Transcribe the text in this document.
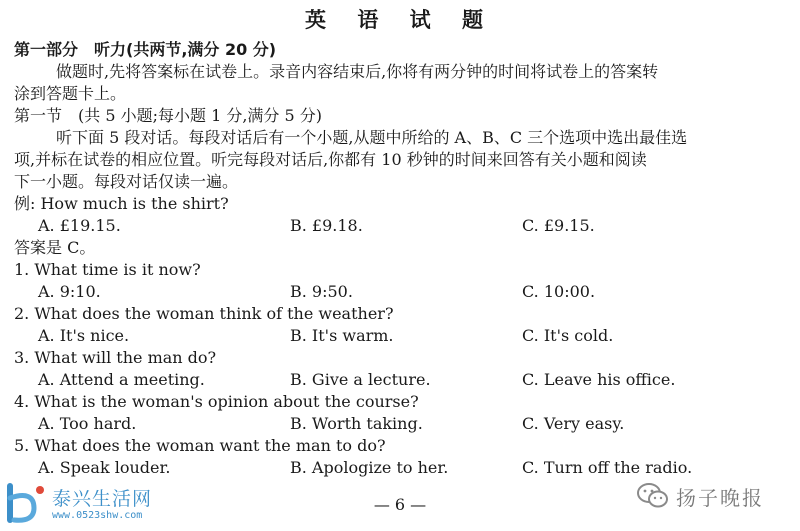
英 语 试 题
第一部分　听力(共两节,满分 20 分)
做题时,先将答案标在试卷上。录音内容结束后,你将有两分钟的时间将试卷上的答案转
涂到答题卡上。
第一节　(共 5 小题;每小题 1 分,满分 5 分)
听下面 5 段对话。每段对话后有一个小题,从题中所给的 A、B、C 三个选项中选出最佳选
项,并标在试卷的相应位置。听完每段对话后,你都有 10 秒钟的时间来回答有关小题和阅读
下一小题。每段对话仅读一遍。
例: How much is the shirt?
A. £19.15.	B. £9.18.	C. £9.15.
答案是 C。
1. What time is it now?
A. 9:10.	B. 9:50.	C. 10:00.
2. What does the woman think of the weather?
A. It's nice.	B. It's warm.	C. It's cold.
3. What will the man do?
A. Attend a meeting.	B. Give a lecture.	C. Leave his office.
4. What is the woman's opinion about the course?
A. Too hard.	B. Worth taking.	C. Very easy.
5. What does the woman want the man to do?
A. Speak louder.	B. Apologize to her.	C. Turn off the radio.
— 6 —
泰兴生活网
www.0523shw.com
扬子晚报
